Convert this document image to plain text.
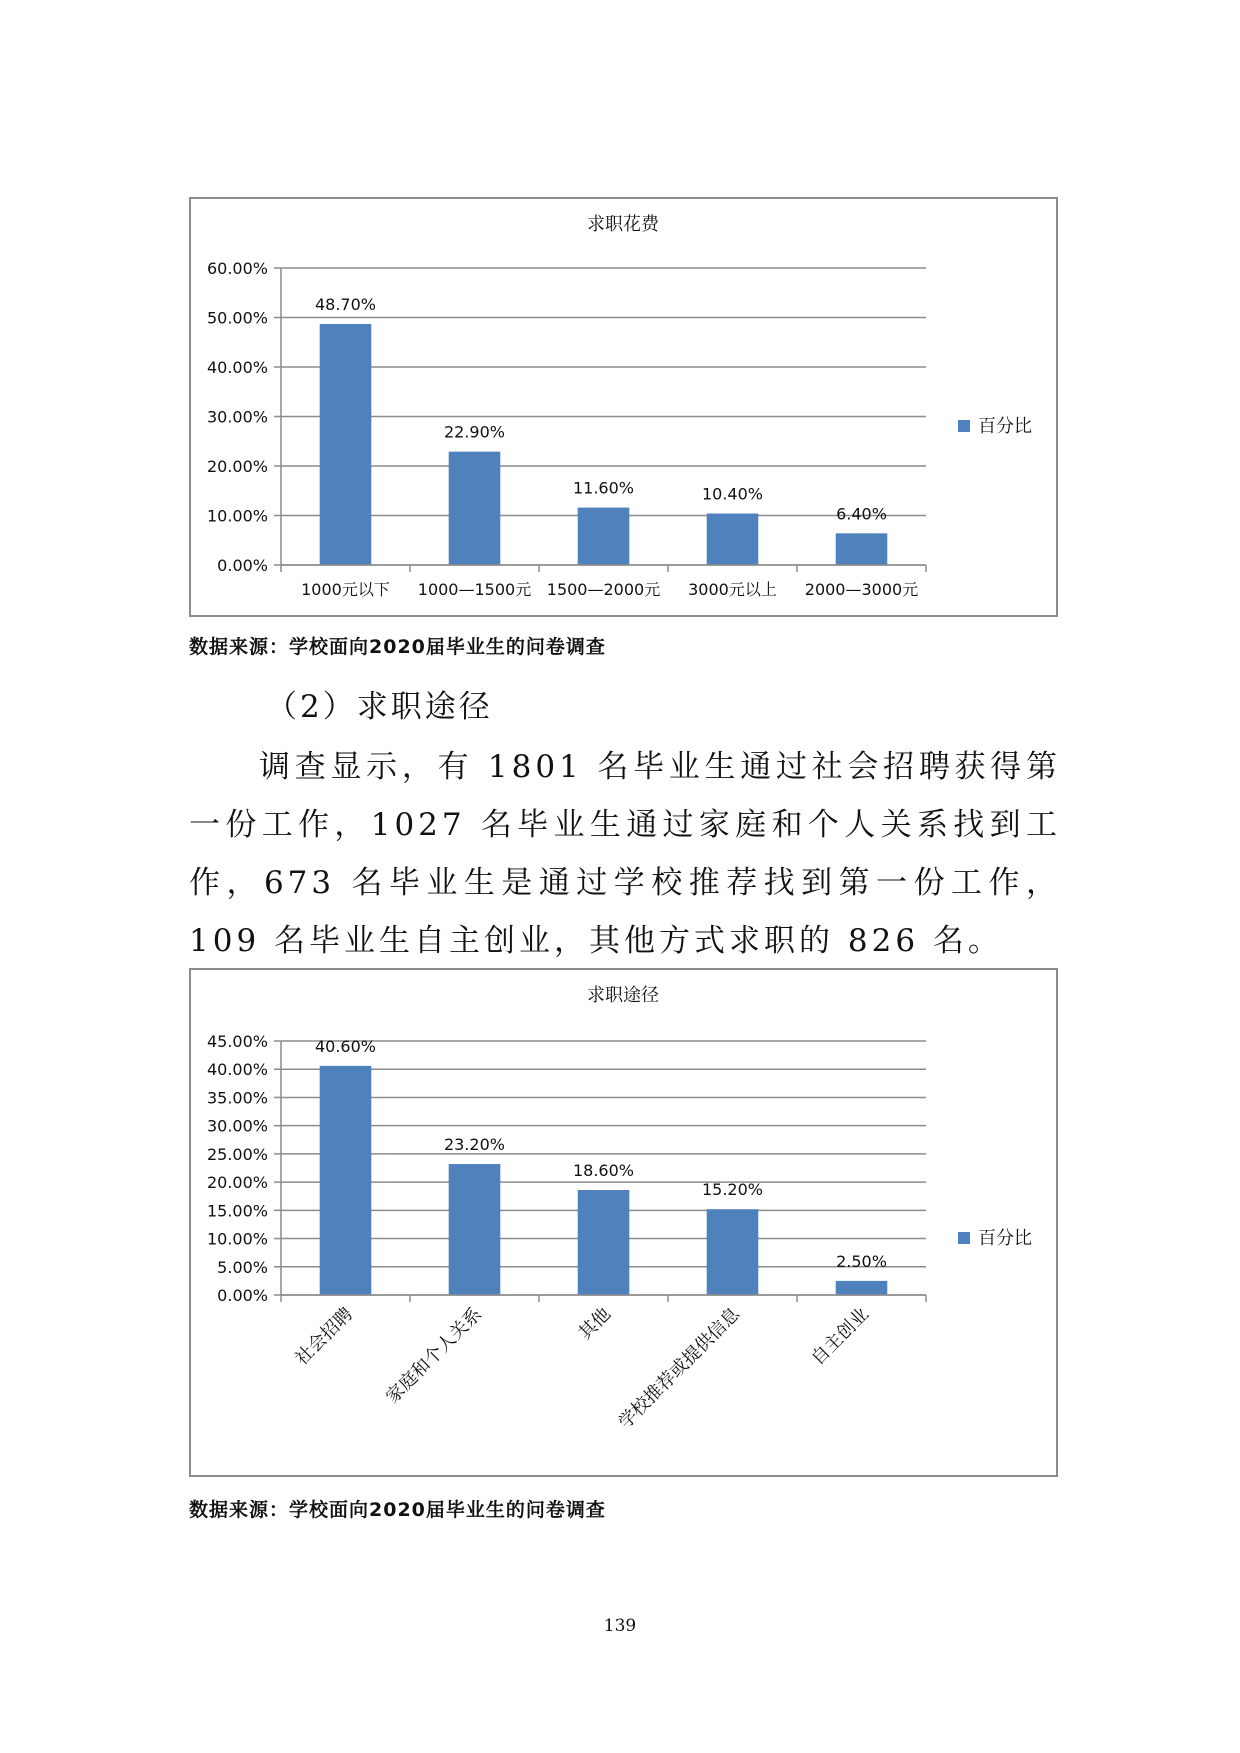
求职花费
0.00%
10.00%
20.00%
30.00%
40.00%
50.00%
60.00%
48.70%
1000元以下
22.90%
1000—1500元
11.60%
1500—2000元
10.40%
3000元以上
6.40%
2000—3000元
百分比
数据来源：学校面向2020届毕业生的问卷调查
（2）求职途径

调查显示，有 1801 名毕业生通过社会招聘获得第一份工作，1027 名毕业生通过家庭和个人关系找到工作，673 名毕业生是通过学校推荐找到第一份工作，109 名毕业生自主创业，其他方式求职的 826 名。

求职途径
0.00%
5.00%
10.00%
15.00%
20.00%
25.00%
30.00%
35.00%
40.00%
45.00%	40.60%
社会招聘
23.20%
家庭和个人关系
18.60%
其他
15.20%
学校推荐或提供信息
2.50%
自主创业
百分比
数据来源：学校面向2020届毕业生的问卷调查
139
